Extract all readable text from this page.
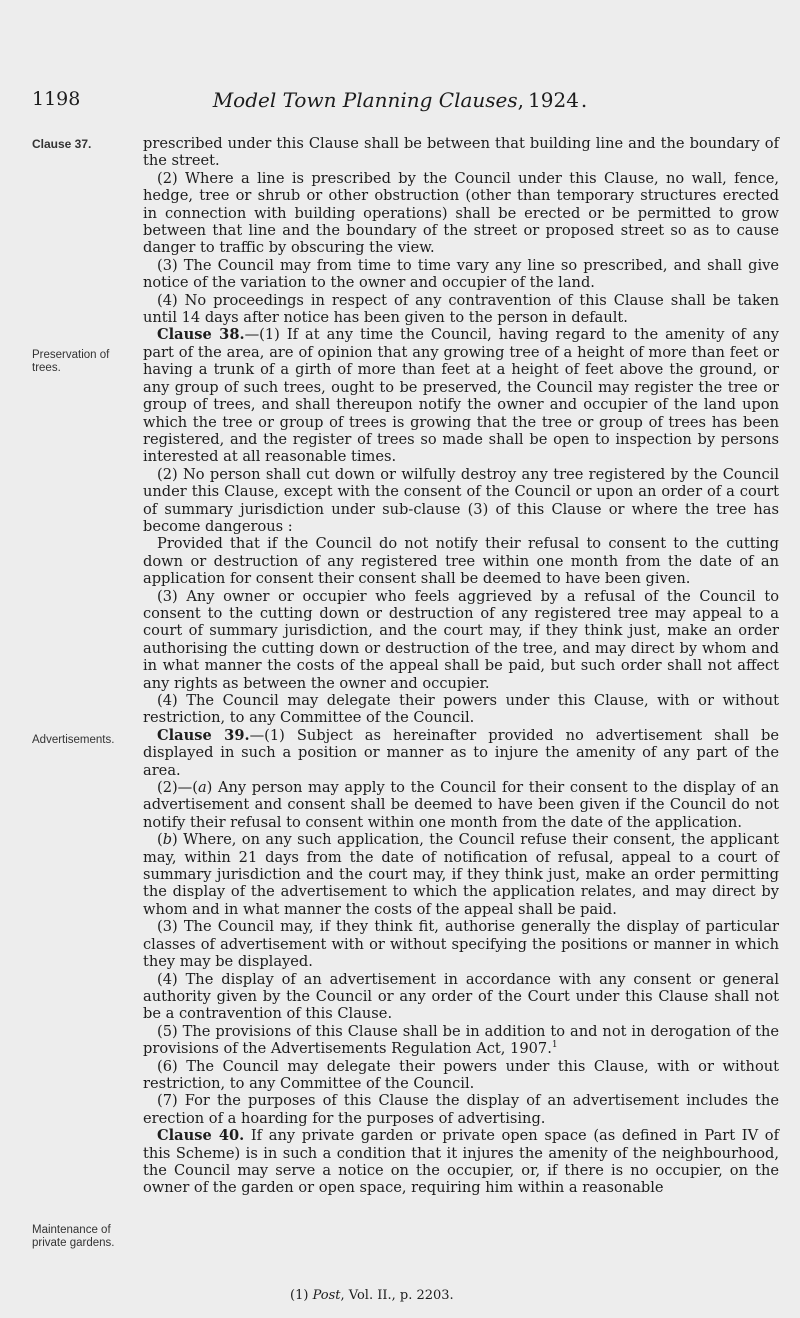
1198	Model Town Planning Clauses, 1924 .
Clause 37.
Preservation of trees.
Advertisements.
Maintenance of private gardens.

prescribed under this Clause shall be between that building line and the boundary of the street.

(2) Where a line is prescribed by the Council under this Clause, no wall, fence, hedge, tree or shrub or other obstruction (other than temporary structures erected in connection with building operations) shall be erected or be permitted to grow between that line and the boundary of the street or proposed street so as to cause danger to traffic by obscuring the view.

(3) The Council may from time to time vary any line so prescribed, and shall give notice of the variation to the owner and occupier of the land.

(4) No proceedings in respect of any contravention of this Clause shall be taken until 14 days after notice has been given to the person in default.

Clause 38.—(1) If at any time the Council, having regard to the amenity of any part of the area, are of opinion that any growing tree of a height of more than feet or having a trunk of a girth of more than feet at a height of feet above the ground, or any group of such trees, ought to be preserved, the Council may register the tree or group of trees, and shall thereupon notify the owner and occupier of the land upon which the tree or group of trees is growing that the tree or group of trees has been registered, and the register of trees so made shall be open to inspection by persons interested at all reasonable times.

(2) No person shall cut down or wilfully destroy any tree registered by the Council under this Clause, except with the consent of the Council or upon an order of a court of summary jurisdiction under sub-clause (3) of this Clause or where the tree has become dangerous :

Provided that if the Council do not notify their refusal to consent to the cutting down or destruction of any registered tree within one month from the date of an application for consent their consent shall be deemed to have been given.

(3) Any owner or occupier who feels aggrieved by a refusal of the Council to consent to the cutting down or destruction of any registered tree may appeal to a court of summary jurisdiction, and the court may, if they think just, make an order authorising the cutting down or destruction of the tree, and may direct by whom and in what manner the costs of the appeal shall be paid, but such order shall not affect any rights as between the owner and occupier.

(4) The Council may delegate their powers under this Clause, with or without restriction, to any Committee of the Council.

Clause 39.—(1) Subject as hereinafter provided no advertisement shall be displayed in such a position or manner as to injure the amenity of any part of the area.

(2)—(a) Any person may apply to the Council for their consent to the display of an advertisement and consent shall be deemed to have been given if the Council do not notify their refusal to consent within one month from the date of the application.

(b) Where, on any such application, the Council refuse their consent, the applicant may, within 21 days from the date of notification of refusal, appeal to a court of summary jurisdiction and the court may, if they think just, make an order permitting the display of the advertisement to which the application relates, and may direct by whom and in what manner the costs of the appeal shall be paid.

(3) The Council may, if they think fit, authorise generally the display of particular classes of advertisement with or without specifying the positions or manner in which they may be displayed.

(4) The display of an advertisement in accordance with any consent or general authority given by the Council or any order of the Court under this Clause shall not be a contravention of this Clause.

(5) The provisions of this Clause shall be in addition to and not in derogation of the provisions of the Advertisements Regulation Act, 1907.$^1$

(6) The Council may delegate their powers under this Clause, with or without restriction, to any Committee of the Council.

(7) For the purposes of this Clause the display of an advertisement includes the erection of a hoarding for the purposes of advertising.

Clause 40. If any private garden or private open space (as defined in Part IV of this Scheme) is in such a condition that it injures the amenity of the neighbourhood, the Council may serve a notice on the occupier, or, if there is no occupier, on the owner of the garden or open space, requiring him within a reasonable

(1) Post, Vol. II., p. 2203.
